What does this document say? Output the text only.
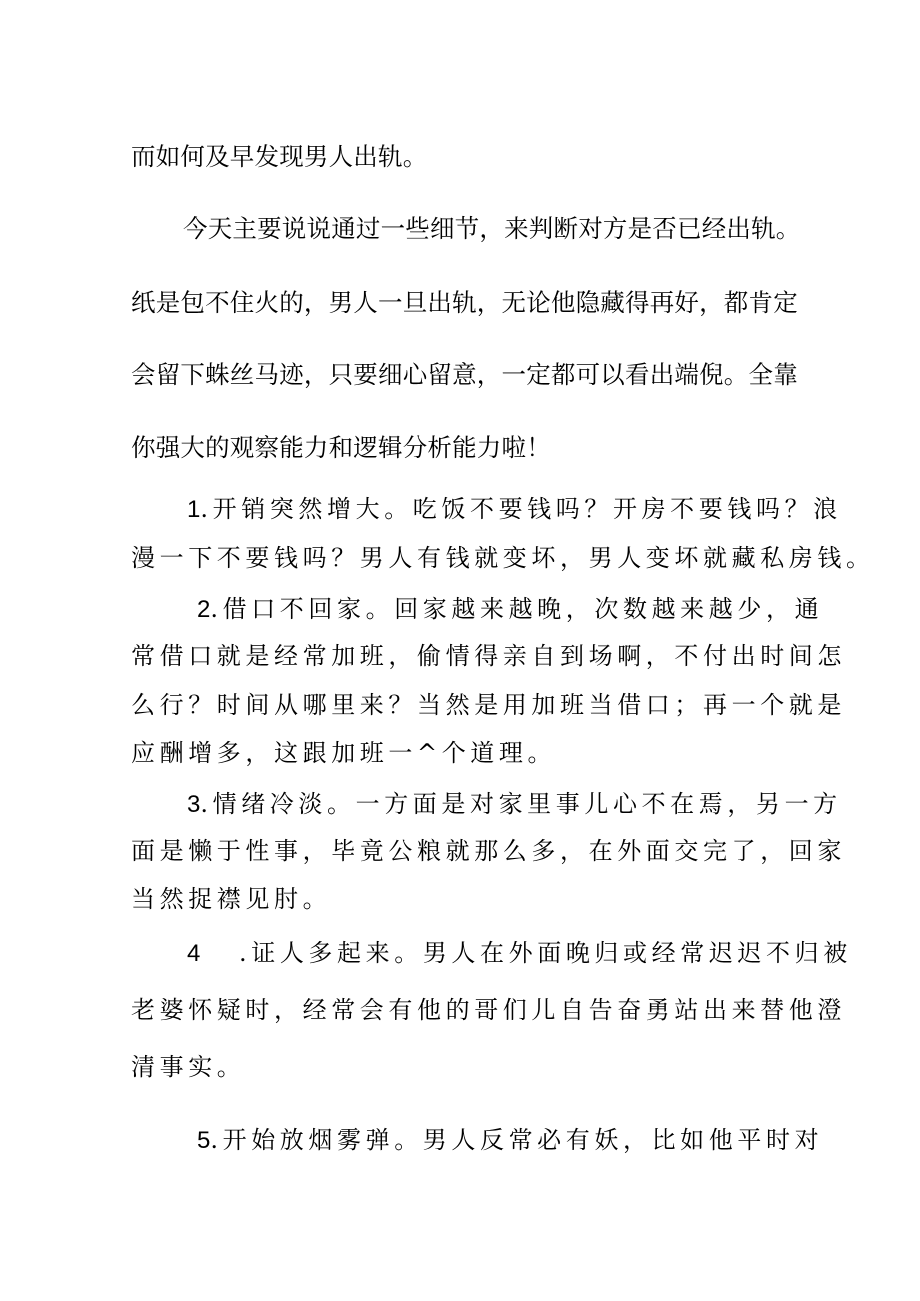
而如何及早发现男人出轨。

今天主要说说通过一些细节，来判断对方是否已经出轨。

纸是包不住火的，男人一旦出轨，无论他隐藏得再好，都肯定

会留下蛛丝马迹，只要细心留意，一定都可以看出端倪。全靠

你强大的观察能力和逻辑分析能力啦！

1.开销突然增大。吃饭不要钱吗？开房不要钱吗？浪

漫一下不要钱吗？男人有钱就变坏，男人变坏就藏私房钱。

2.借口不回家。回家越来越晚，次数越来越少，通

常借口就是经常加班，偷情得亲自到场啊，不付出时间怎

么行？时间从哪里来？当然是用加班当借口；再一个就是

应酬增多，这跟加班一^个道理。

3.情绪冷淡。一方面是对家里事儿心不在焉，另一方

面是懒于性事，毕竟公粮就那么多，在外面交完了，回家

当然捉襟见肘。

4 .证人多起来。男人在外面晚归或经常迟迟不归被

老婆怀疑时，经常会有他的哥们儿自告奋勇站出来替他澄

清事实。

5.开始放烟雾弹。男人反常必有妖，比如他平时对
